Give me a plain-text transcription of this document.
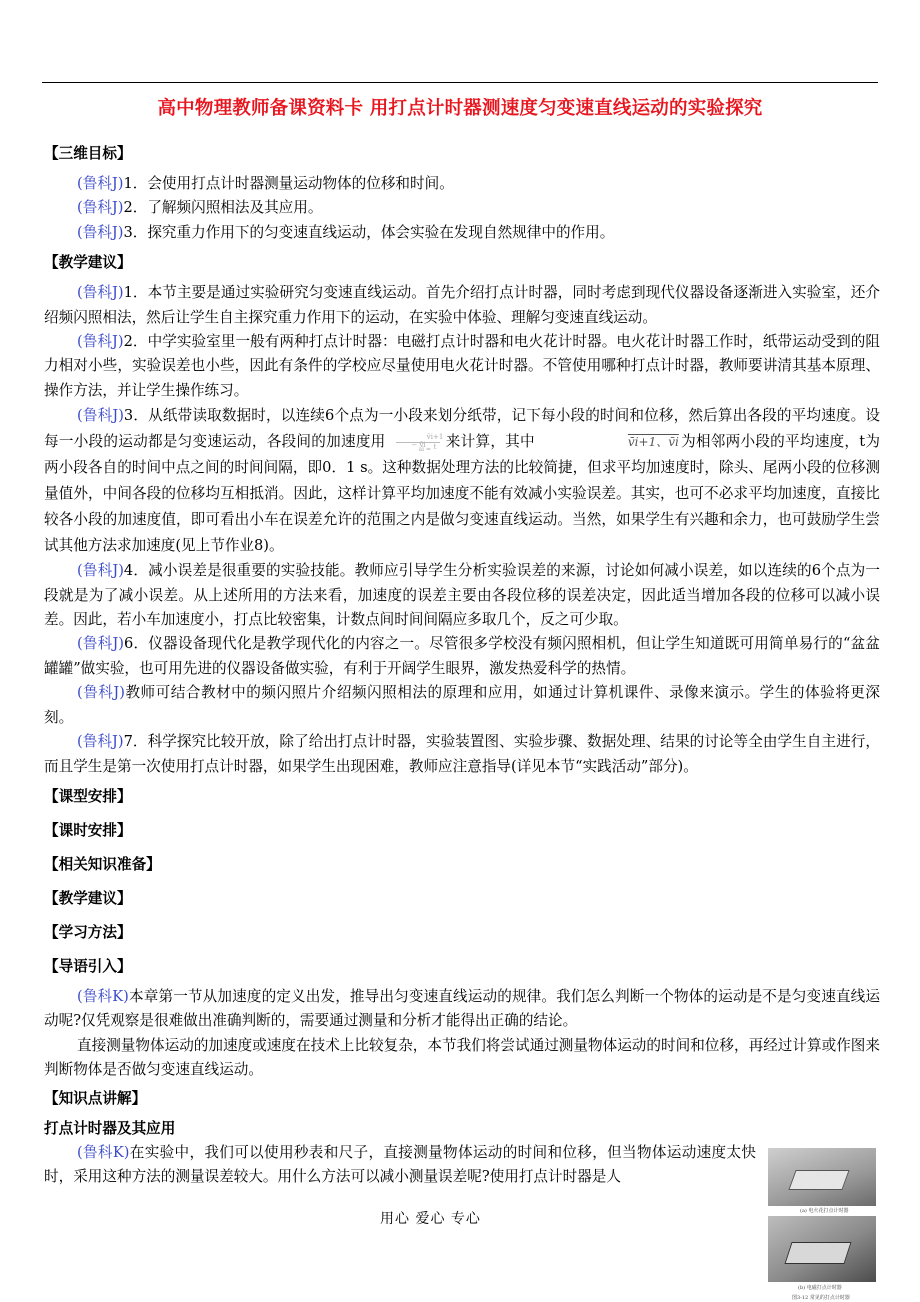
高中物理教师备课资料卡 用打点计时器测速度匀变速直线运动的实验探究
【三维目标】

(鲁科J)1．会使用打点计时器测量运动物体的位移和时间。

(鲁科J)2．了解频闪照相法及其应用。

(鲁科J)3．探究重力作用下的匀变速直线运动，体会实验在发现自然规律中的作用。

【教学建议】

(鲁科J)1．本节主要是通过实验研究匀变速直线运动。首先介绍打点计时器，同时考虑到现代仪器设备逐渐进入实验室，还介绍频闪照相法，然后让学生自主探究重力作用下的运动，在实验中体验、理解匀变速直线运动。

(鲁科J)2．中学实验室里一般有两种打点计时器：电磁打点计时器和电火花计时器。电火花计时器工作时，纸带运动受到的阻力相对小些，实验误差也小些，因此有条件的学校应尽量使用电火花计时器。不管使用哪种打点计时器，教师要讲清其基本原理、操作方法，并让学生操作练习。

(鲁科J)3．从纸带读取数据时，以连续6个点为一小段来划分纸带，记下每小段的时间和位移，然后算出各段的平均速度。设每一小段的运动都是匀变速运动，各段间的加速度用	ai =
v̄i+1 − v̄i	t 来计算，其中	v̄i+1、v̄i 为相邻两小段的平均速度，t为两小段各自的时间中点之间的时间间隔，即0．1 s。这种数据处理方法的比较简捷，但求平均加速度时，除头、尾两小段的位移测量值外，中间各段的位移均互相抵消。因此，这样计算平均加速度不能有效减小实验误差。其实，也可不必求平均加速度，直接比较各小段的加速度值，即可看出小车在误差允许的范围之内是做匀变速直线运动。当然，如果学生有兴趣和余力，也可鼓励学生尝试其他方法求加速度(见上节作业8)。

(鲁科J)4．减小误差是很重要的实验技能。教师应引导学生分析实验误差的来源，讨论如何减小误差，如以连续的6个点为一段就是为了减小误差。从上述所用的方法来看，加速度的误差主要由各段位移的误差决定，因此适当增加各段的位移可以减小误差。因此，若小车加速度小，打点比较密集，计数点间时间间隔应多取几个，反之可少取。

(鲁科J)6．仪器设备现代化是教学现代化的内容之一。尽管很多学校没有频闪照相机，但让学生知道既可用简单易行的“盆盆罐罐”做实验，也可用先进的仪器设备做实验，有利于开阔学生眼界，激发热爱科学的热情。

(鲁科J)教师可结合教材中的频闪照片介绍频闪照相法的原理和应用，如通过计算机课件、录像来演示。学生的体验将更深刻。

(鲁科J)7．科学探究比较开放，除了给出打点计时器，实验装置图、实验步骤、数据处理、结果的讨论等全由学生自主进行，而且学生是第一次使用打点计时器，如果学生出现困难，教师应注意指导(详见本节“实践活动”部分)。

【课型安排】
【课时安排】
【相关知识准备】
【教学建议】
【学习方法】
【导语引入】

(鲁科K)本章第一节从加速度的定义出发，推导出匀变速直线运动的规律。我们怎么判断一个物体的运动是不是匀变速直线运动呢?仅凭观察是很难做出准确判断的，需要通过测量和分析才能得出正确的结论。

直接测量物体运动的加速度或速度在技术上比较复杂，本节我们将尝试通过测量物体运动的时间和位移，再经过计算或作图来判断物体是否做匀变速直线运动。

【知识点讲解】
打点计时器及其应用

(鲁科K)在实验中，我们可以使用秒表和尺子，直接测量物体运动的时间和位移，但当物体运动速度太快时，采用这种方法的测量误差较大。用什么方法可以减小测量误差呢?使用打点计时器是人

(a) 电火花打点计时器
(b) 电磁打点计时器
图3-12 常见的打点计时器
用心 爱心 专心
